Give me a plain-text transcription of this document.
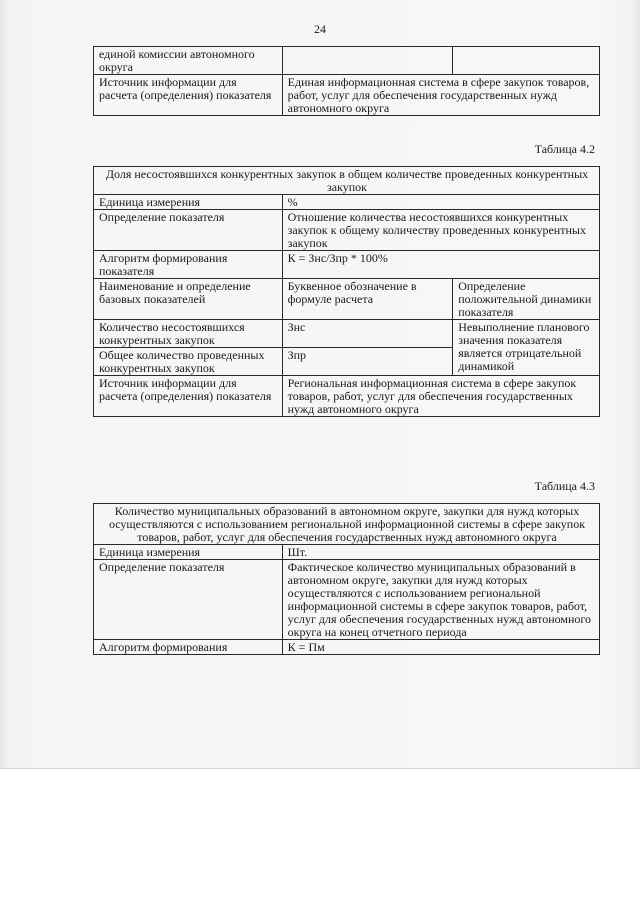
24
единой комиссии автономного округа		
Источник информации для расчета (определения) показателя	Единая информационная система в сфере закупок товаров, работ, услуг для обеспечения государственных нужд автономного округа	
Таблица 4.2
Доля несостоявшихся конкурентных закупок в общем количестве проведенных конкурентных закупок		
Единица измерения	%	
Определение показателя	Отношение количества несостоявшихся конкурентных закупок к общему количеству проведенных конкурентных закупок	
Алгоритм формирования показателя	К = Знс/Зпр * 100%	
Наименование и определение базовых показателей	Буквенное обозначение в формуле расчета	Определение положительной динамики показателя
Количество несостоявшихся конкурентных закупок	Знс	Невыполнение планового значения показателя является отрицательной динамикой
Общее количество проведенных конкурентных закупок	Зпр	
Источник информации для расчета (определения) показателя	Региональная информационная система в сфере закупок товаров, работ, услуг для обеспечения государственных нужд автономного округа	
Таблица 4.3
Количество муниципальных образований в автономном округе, закупки для нужд которых осуществляются с использованием региональной информационной системы в сфере закупок товаров, работ, услуг для обеспечения государственных нужд автономного округа	
Единица измерения	Шт.
Определение показателя	Фактическое количество муниципальных образований в автономном округе, закупки для нужд которых осуществляются с использованием региональной информационной системы в сфере закупок товаров, работ, услуг для обеспечения государственных нужд автономного округа на конец отчетного периода
Алгоритм формирования	К = Пм
